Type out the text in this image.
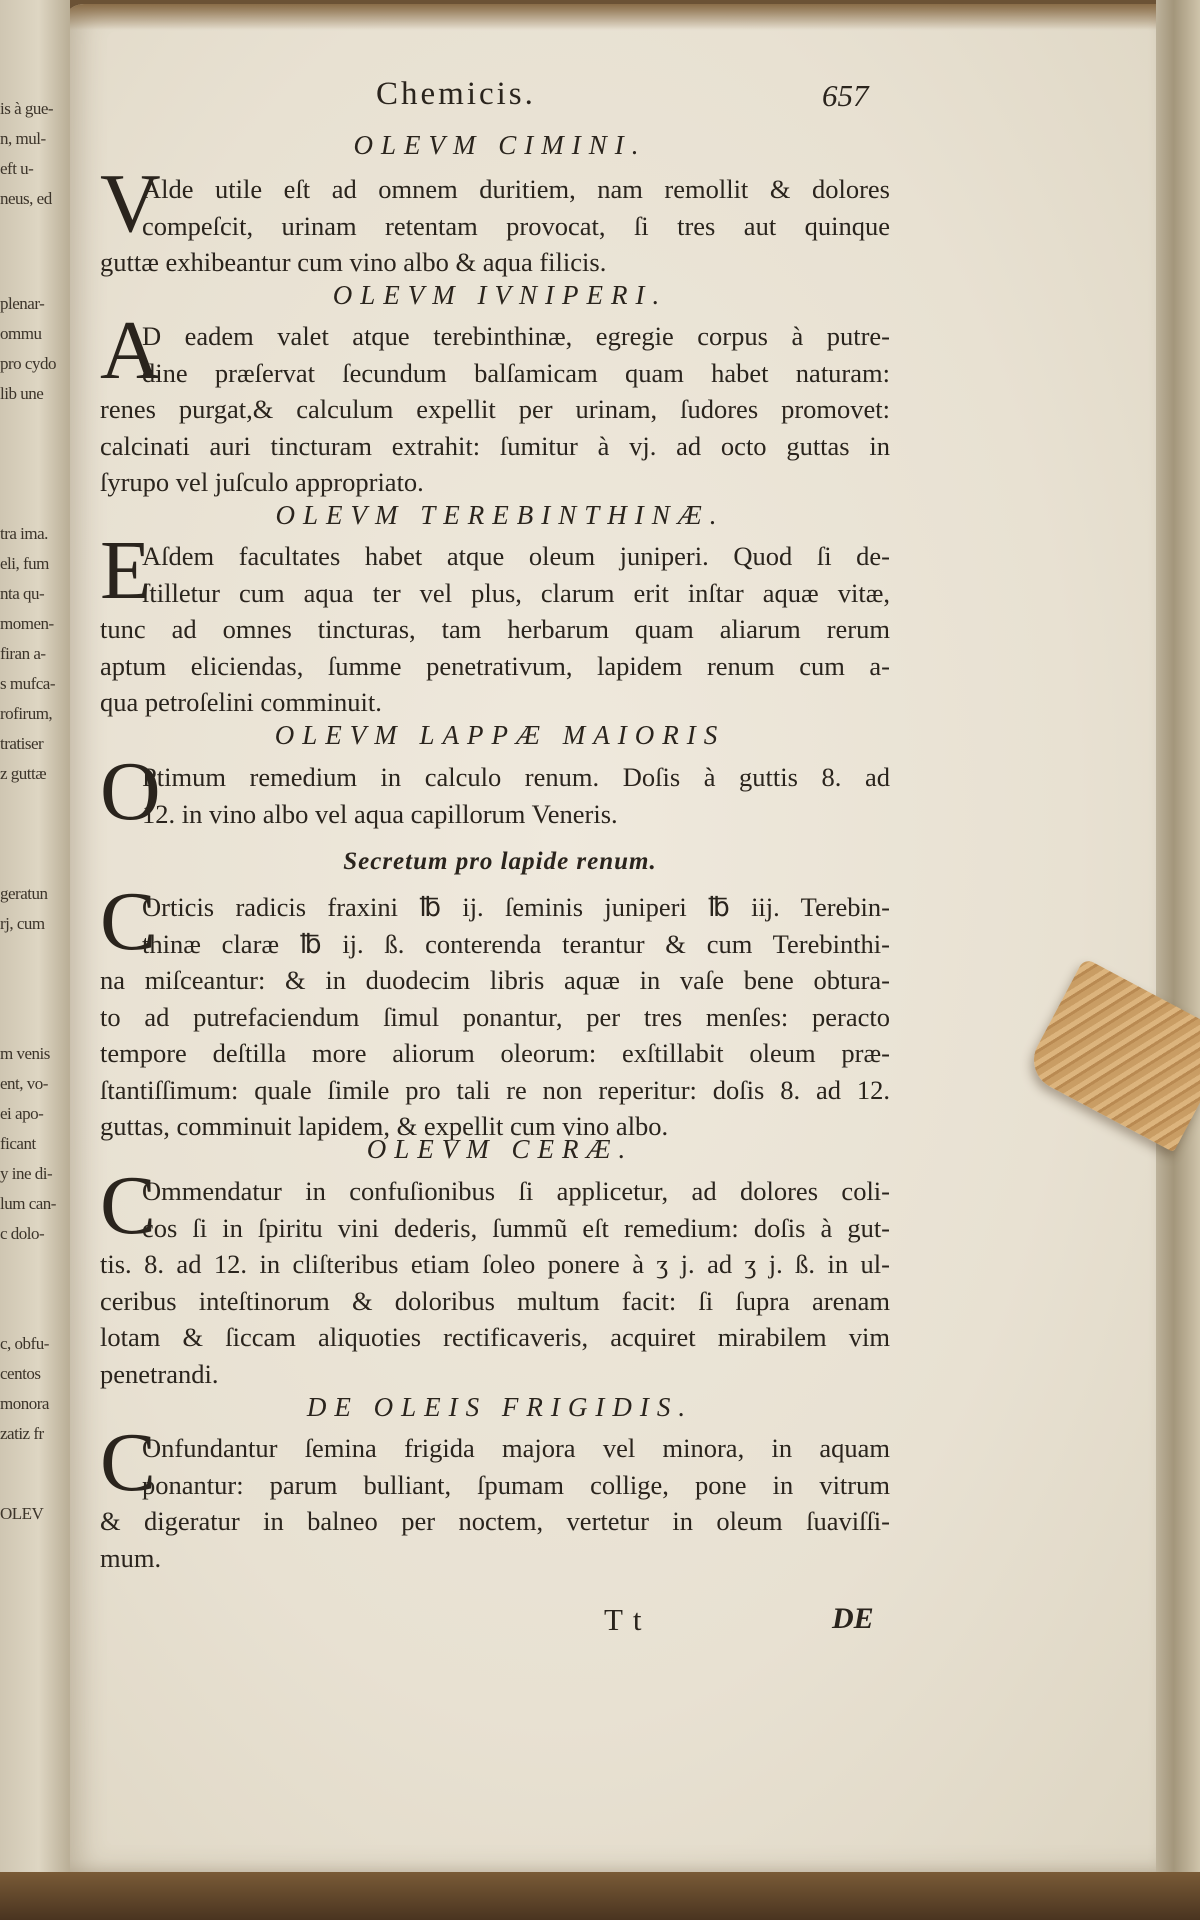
is à gue-
n, mul-
eft u-
neus, ed
plenar-
ommu
pro cydo
lib une
tra ima.
eli, fum
nta qu-
momen-
firan a-
s mufca-
rofirum,
tratiser
z guttæ
geratun
rj, cum
m venis
ent, vo-
ei apo-
ficant
y ine di-
lum can-
c dolo-
c, obfu-
centos
monora
zatiz fr
OLEV
Chemicis.	657
OLEVM CIMINI.
V
Alde utile eſt ad omnem duritiem, nam remollit & dolores
compeſcit, urinam retentam provocat, ſi tres aut quinque
guttæ exhibeantur cum vino albo & aqua filicis.
OLEVM IVNIPERI.
A
D eadem valet atque terebinthinæ, egregie corpus à putre-
dine præſervat ſecundum balſamicam quam habet naturam:
renes purgat,& calculum expellit per urinam, ſudores promovet:
calcinati auri tincturam extrahit: ſumitur à vj. ad octo guttas in
ſyrupo vel juſculo appropriato.
OLEVM TEREBINTHINÆ.
E
Aſdem facultates habet atque oleum juniperi. Quod ſi de-
ſtilletur cum aqua ter vel plus, clarum erit inſtar aquæ vitæ,
tunc ad omnes tincturas, tam herbarum quam aliarum rerum
aptum eliciendas, ſumme penetrativum, lapidem renum cum a-
qua petroſelini comminuit.
OLEVM LAPPÆ MAIORIS
O
Ptimum remedium in calculo renum. Doſis à guttis 8. ad
12. in vino albo vel aqua capillorum Veneris.
Secretum pro lapide renum.
C
Orticis radicis fraxini ℔ ij. ſeminis juniperi ℔ iij. Terebin-
thinæ claræ ℔ ij. ß. conterenda terantur & cum Terebinthi-
na miſceantur: & in duodecim libris aquæ in vaſe bene obtura-
to ad putrefaciendum ſimul ponantur, per tres menſes: peracto
tempore deſtilla more aliorum oleorum: exſtillabit oleum præ-
ſtantiſſimum: quale ſimile pro tali re non reperitur: doſis 8. ad 12.
guttas, comminuit lapidem, & expellit cum vino albo.
OLEVM CERÆ.
C
Ommendatur in confuſionibus ſi applicetur, ad dolores coli-
cos ſi in ſpiritu vini dederis, ſummũ eſt remedium: doſis à gut-
tis. 8. ad 12. in cliſteribus etiam ſoleo ponere à ʒ j. ad ʒ j. ß. in ul-
ceribus inteſtinorum & doloribus multum facit: ſi ſupra arenam
lotam & ſiccam aliquoties rectificaveris, acquiret mirabilem vim
penetrandi.
DE OLEIS FRIGIDIS.
C
Onfundantur ſemina frigida majora vel minora, in aquam
ponantur: parum bulliant, ſpumam collige, pone in vitrum
& digeratur in balneo per noctem, vertetur in oleum ſuaviſſi-
mum.
Tt	DE
